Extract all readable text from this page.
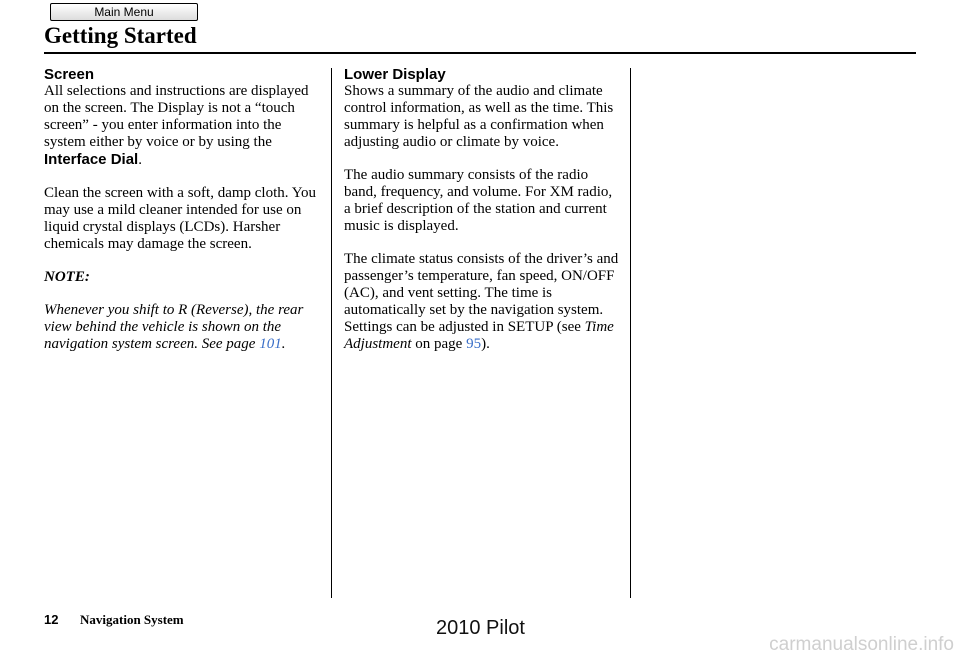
Main Menu
Getting Started
Screen

All selections and instructions are displayed on the screen. The Display is not a “touch screen” - you enter information into the system either by voice or by using the Interface Dial.

Clean the screen with a soft, damp cloth. You may use a mild cleaner intended for use on liquid crystal displays (LCDs). Harsher chemicals may damage the screen.

NOTE:

Whenever you shift to R (Reverse), the rear view behind the vehicle is shown on the navigation system screen. See page 101.

Lower Display

Shows a summary of the audio and climate control information, as well as the time. This summary is helpful as a confirmation when adjusting audio or climate by voice.

The audio summary consists of the radio band, frequency, and volume. For XM radio, a brief description of the station and current music is displayed.

The climate status consists of the driver’s and passenger’s temperature, fan speed, ON/OFF (AC), and vent setting. The time is automatically set by the navigation system. Settings can be adjusted in SETUP (see Time Adjustment on page 95).

12 Navigation System	2010 Pilot
carmanualsonline.info
